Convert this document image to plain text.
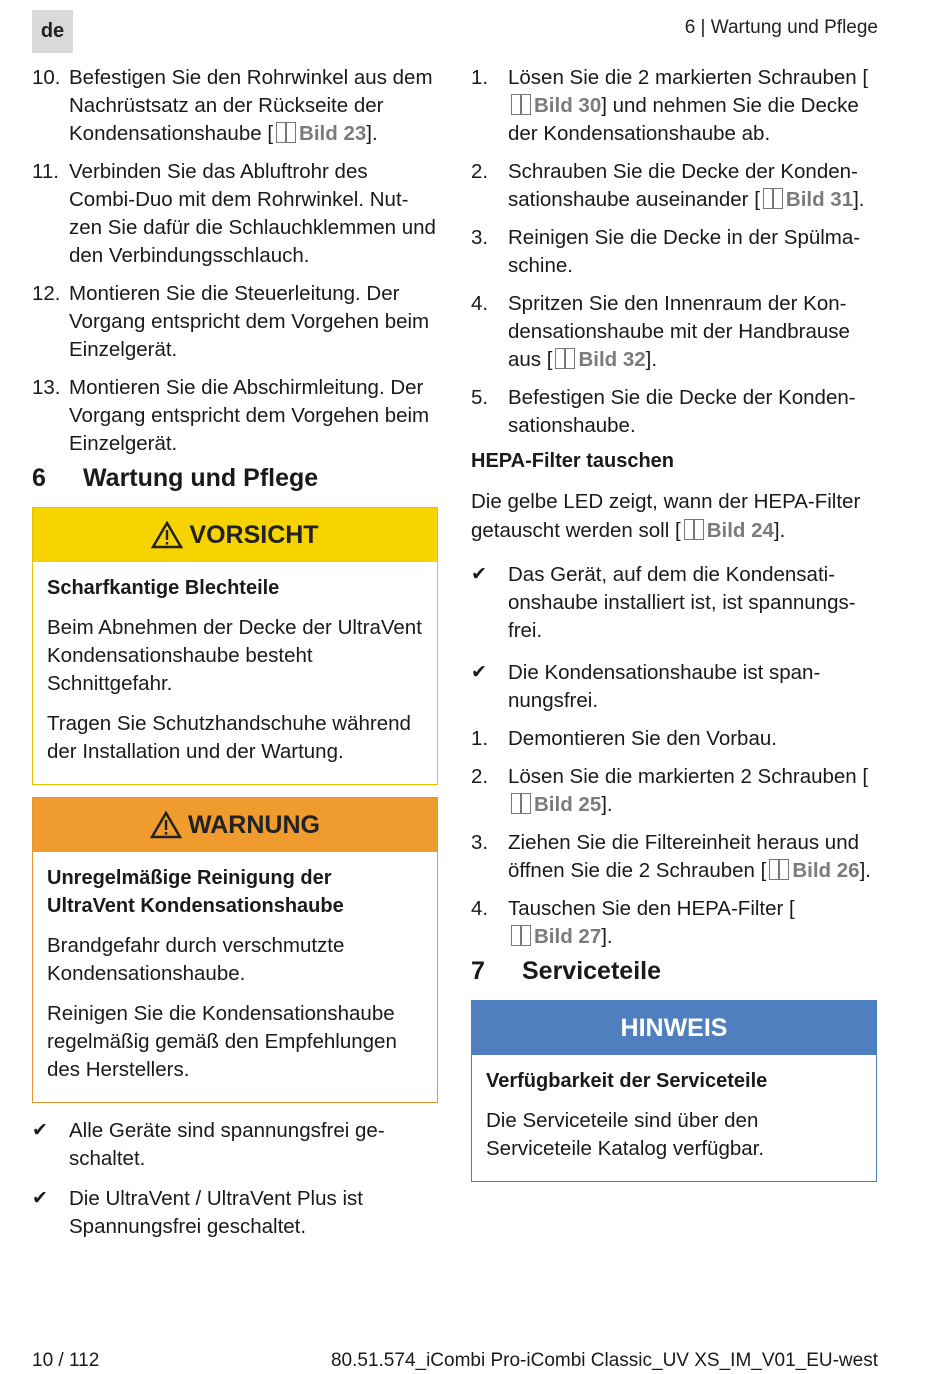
de	6 | Wartung und Pflege
10. Befestigen Sie den Rohrwinkel aus dem Nachrüstsatz an der Rückseite der Kondensationshaube [ Bild 23].
11. Verbinden Sie das Abluftrohr des Combi-Duo mit dem Rohrwinkel. Nut-zen Sie dafür die Schlauchklemmen und den Verbindungsschlauch.
12. Montieren Sie die Steuerleitung. Der Vorgang entspricht dem Vorgehen beim Einzelgerät.
13. Montieren Sie die Abschirmleitung. Der Vorgang entspricht dem Vorgehen beim Einzelgerät.
6	Wartung und Pflege
VORSICHT
Scharfkantige Blechteile

Beim Abnehmen der Decke der UltraVent Kondensationshaube besteht Schnittgefahr.

Tragen Sie Schutzhandschuhe während der Installation und der Wartung.

WARNUNG
Unregelmäßige Reinigung der UltraVent Kondensationshaube

Brandgefahr durch verschmutzte Kondensationshaube.

Reinigen Sie die Kondensationshaube regelmäßig gemäß den Empfehlungen des Herstellers.

✔ Alle Geräte sind spannungsfrei ge-schaltet.
✔ Die UltraVent / UltraVent Plus ist Spannungsfrei geschaltet.
1. Lösen Sie die 2 markierten Schrauben [Bild 30] und nehmen Sie die Decke der Kondensationshaube ab.
2. Schrauben Sie die Decke der Konden-sationshaube auseinander [ Bild 31].
3. Reinigen Sie die Decke in der Spülma-schine.
4. Spritzen Sie den Innenraum der Kon-densationshaube mit der Handbrause aus [ Bild 32].
5. Befestigen Sie die Decke der Konden-sationshaube.
HEPA-Filter tauschen

Die gelbe LED zeigt, wann der HEPA-Filter getauscht werden soll [ Bild 24].

✔ Das Gerät, auf dem die Kondensati-onshaube installiert ist, ist spannungs-frei.
✔ Die Kondensationshaube ist span-nungsfrei.
1. Demontieren Sie den Vorbau.
2. Lösen Sie die markierten 2 Schrauben [Bild 25].
3. Ziehen Sie die Filtereinheit heraus und öffnen Sie die 2 Schrauben [ Bild 26].
4. Tauschen Sie den HEPA-Filter [Bild 27].
7	Serviceteile
HINWEIS
Verfügbarkeit der Serviceteile

Die Serviceteile sind über den Serviceteile Katalog verfügbar.

10 / 112	80.51.574_iCombi Pro-iCombi Classic_UV XS_IM_V01_EU-west
